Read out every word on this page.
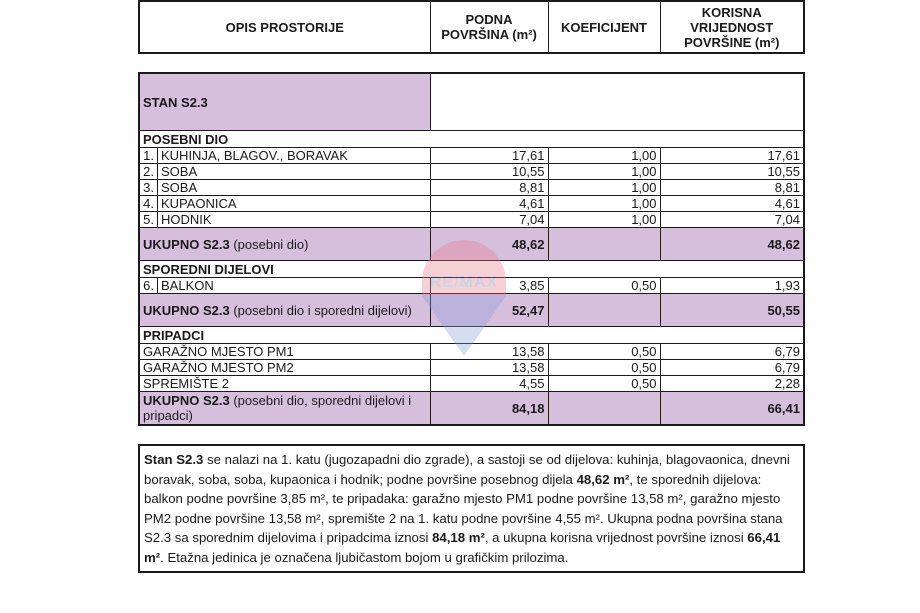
OPIS PROSTORIJE	PODNA POVRŠINA (m²)	KOEFICIJENT	KORISNA VRIJEDNOST POVRŠINE (m²)
STAN S2.3			
POSEBNI DIO			
1. KUHINJA, BLAGOV., BORAVAK	17,61	1,00	17,61
2. SOBA	10,55	1,00	10,55
3. SOBA	8,81	1,00	8,81
4. KUPAONICA	4,61	1,00	4,61
5. HODNIK	7,04	1,00	7,04
UKUPNO S2.3 (posebni dio)	48,62		48,62
SPOREDNI DIJELOVI			
6. BALKON	3,85	0,50	1,93
UKUPNO S2.3 (posebni dio i sporedni dijelovi)	52,47		50,55
PRIPADCI			
GARAŽNO MJESTO PM1	13,58	0,50	6,79
GARAŽNO MJESTO PM2	13,58	0,50	6,79
SPREMIŠTE 2	4,55	0,50	2,28
UKUPNO S2.3 (posebni dio, sporedni dijelovi i pripadci)	84,18		66,41
Stan S2.3 se nalazi na 1. katu (jugozapadni dio zgrade), a sastoji se od dijelova: kuhinja, blagovaonica, dnevni boravak, soba, soba, kupaonica i hodnik; podne površine posebnog dijela 48,62 m², te sporednih dijelova: balkon podne površine 3,85 m², te pripadaka: garažno mjesto PM1 podne površine 13,58 m², garažno mjesto PM2 podne površine 13,58 m², spremište 2 na 1. katu podne površine 4,55 m². Ukupna podna površina stana S2.3 sa sporednim dijelovima i pripadcima iznosi 84,18 m², a ukupna korisna vrijednost površine iznosi 66,41 m². Etažna jedinica je označena ljubičastom bojom u grafičkim prilozima.
RE/MAX
